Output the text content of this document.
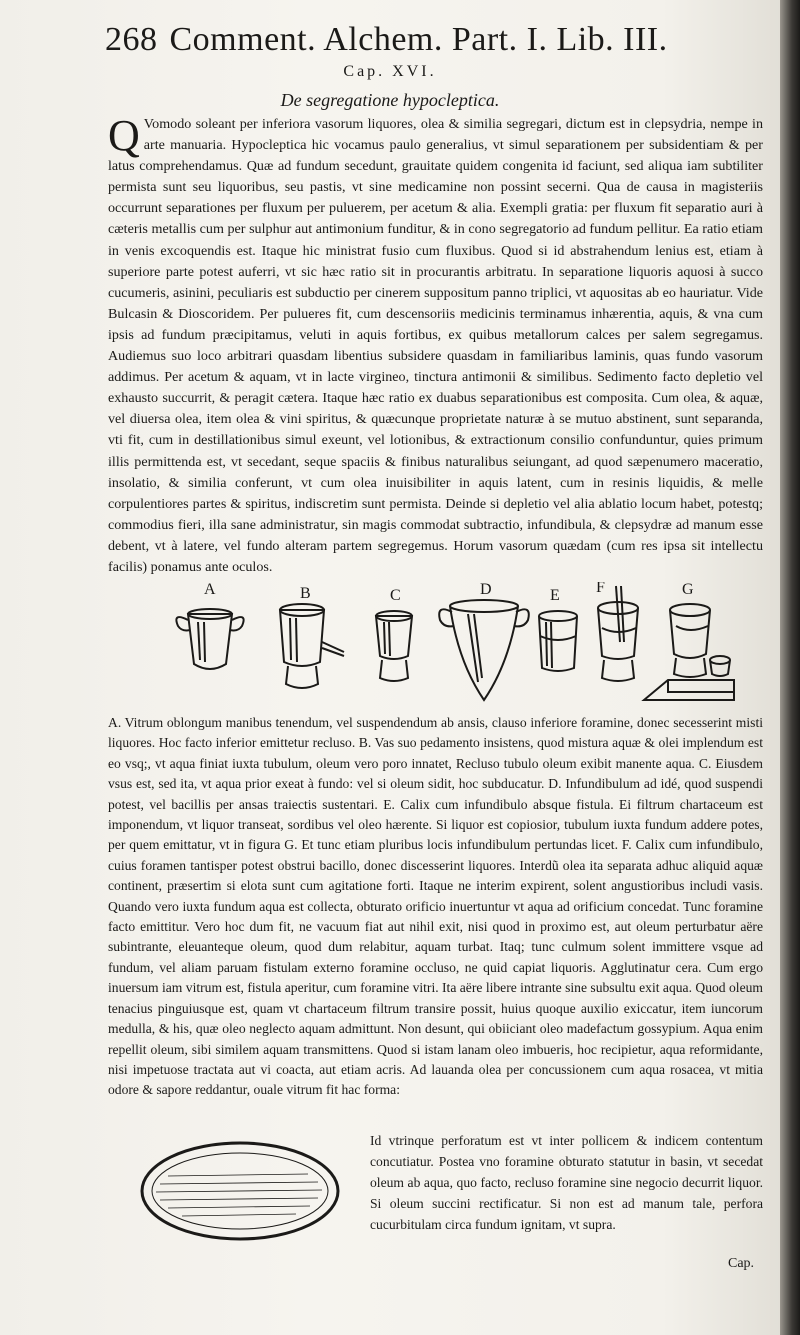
268 Comment. Alchem. Part. I. Lib. III.
Cap. XVI.
De segregatione hypocleptica.

Q Vomodo soleant per inferiora vasorum liquores, olea & similia segregari, dictum est in clepsydria, nempe in arte manuaria. Hypocleptica hic vocamus paulo generalius, vt simul separationem per subsidentiam & per latus comprehendamus. Quæ ad fundum secedunt, grauitate quidem congenita id faciunt, sed aliqua iam subtiliter permista sunt seu liquoribus, seu pastis, vt sine medicamine non possint secerni. Qua de causa in magisteriis occurrunt separationes per fluxum per puluerem, per acetum & alia. Exempli gratia: per fluxum fit separatio auri à cæteris metallis cum per sulphur aut antimonium funditur, & in cono segregatorio ad fundum pellitur. Ea ratio etiam in venis excoquendis est. Itaque hic ministrat fusio cum fluxibus. Quod si id abstrahendum lenius est, etiam à superiore parte potest auferri, vt sic hæc ratio sit in procurantis arbitratu. In separatione liquoris aquosi à succo cucumeris, asinini, peculiaris est subductio per cinerem suppositum panno triplici, vt aquositas ab eo hauriatur. Vide Bulcasin & Dioscoridem. Per pulueres fit, cum descensoriis medicinis terminamus inhærentia, aquis, & vna cum ipsis ad fundum præcipitamus, veluti in aquis fortibus, ex quibus metallorum calces per salem segregamus. Audiemus suo loco arbitrari quasdam libentius subsidere quasdam in familiaribus laminis, quas fundo vasorum addimus. Per acetum & aquam, vt in lacte virgineo, tinctura antimonii & similibus. Sedimento facto depletio vel exhausto succurrit, & peragit cætera. Itaque hæc ratio ex duabus separationibus est composita. Cum olea, & aquæ, vel diuersa olea, item olea & vini spiritus, & quæcunque proprietate naturæ à se mutuo abstinent, sunt separanda, vti fit, cum in destillationibus simul exeunt, vel lotionibus, & extractionum consilio confunduntur, quies primum illis permittenda est, vt secedant, seque spaciis & finibus naturalibus seiungant, ad quod sæpenumero maceratio, insolatio, & similia conferunt, vt cum olea inuisibiliter in aquis latent, cum in resinis liquidis, & melle corpulentiores partes & spiritus, indiscretim sunt permista. Deinde si depletio vel alia ablatio locum habet, potestq; commodius fieri, illa sane administratur, sin magis commodat subtractio, infundibula, & clepsydræ ad manum esse debent, vt à latere, vel fundo alteram partem segregemus. Horum vasorum quædam (cum res ipsa sit intellectu facilis) ponamus ante oculos.

A	B	C	D	E F	G

A. Vitrum oblongum manibus tenendum, vel suspendendum ab ansis, clauso inferiore foramine, donec secesserint misti liquores. Hoc facto inferior emittetur recluso. B. Vas suo pedamento insistens, quod mistura aquæ & olei implendum est eo vsq;, vt aqua finiat iuxta tubulum, oleum vero poro innatet, Recluso tubulo oleum exibit manente aqua. C. Eiusdem vsus est, sed ita, vt aqua prior exeat à fundo: vel si oleum sidit, hoc subducatur. D. Infundibulum ad idé, quod suspendi potest, vel bacillis per ansas traiectis sustentari. E. Calix cum infundibulo absque fistula. Ei filtrum chartaceum est imponendum, vt liquor transeat, sordibus vel oleo hærente. Si liquor est copiosior, tubulum iuxta fundum addere potes, per quem emittatur, vt in figura G. Et tunc etiam pluribus locis infundibulum pertundas licet. F. Calix cum infundibulo, cuius foramen tantisper potest obstrui bacillo, donec discesserint liquores. Interdũ olea ita separata adhuc aliquid aquæ continent, præsertim si elota sunt cum agitatione forti. Itaque ne interim expirent, solent angustioribus includi vasis. Quando vero iuxta fundum aqua est collecta, obturato orificio inuertuntur vt aqua ad orificium concedat. Tunc foramine facto emittitur. Vero hoc dum fit, ne vacuum fiat aut nihil exit, nisi quod in proximo est, aut oleum perturbatur aëre subintrante, eleuanteque oleum, quod dum relabitur, aquam turbat. Itaq; tunc culmum solent immittere vsque ad fundum, vel aliam paruam fistulam externo foramine occluso, ne quid capiat liquoris. Agglutinatur cera. Cum ergo inuersum iam vitrum est, fistula aperitur, cum foramine vitri. Ita aëre libere intrante sine subsultu exit aqua. Quod oleum tenacius pinguiusque est, quam vt chartaceum filtrum transire possit, huius quoque auxilio exiccatur, item iuncorum medulla, & his, quæ oleo neglecto aquam admittunt. Non desunt, qui obiiciant oleo madefactum gossypium. Aqua enim repellit oleum, sibi similem aquam transmittens. Quod si istam lanam oleo imbueris, hoc recipietur, aqua reformidante, nisi impetuose tractata aut vi coacta, aut etiam acris. Ad lauanda olea per concussionem cum aqua rosacea, vt mitia odore & sapore reddantur, ouale vitrum fit hac forma:

Id vtrinque perforatum est vt inter pollicem & indicem contentum concutiatur. Postea vno foramine obturato statutur in basin, vt secedat oleum ab aqua, quo facto, recluso foramine sine negocio decurrit liquor. Si oleum succini rectificatur. Si non est ad manum tale, perfora cucurbitulam circa fundum ignitam, vt supra.

Cap.
